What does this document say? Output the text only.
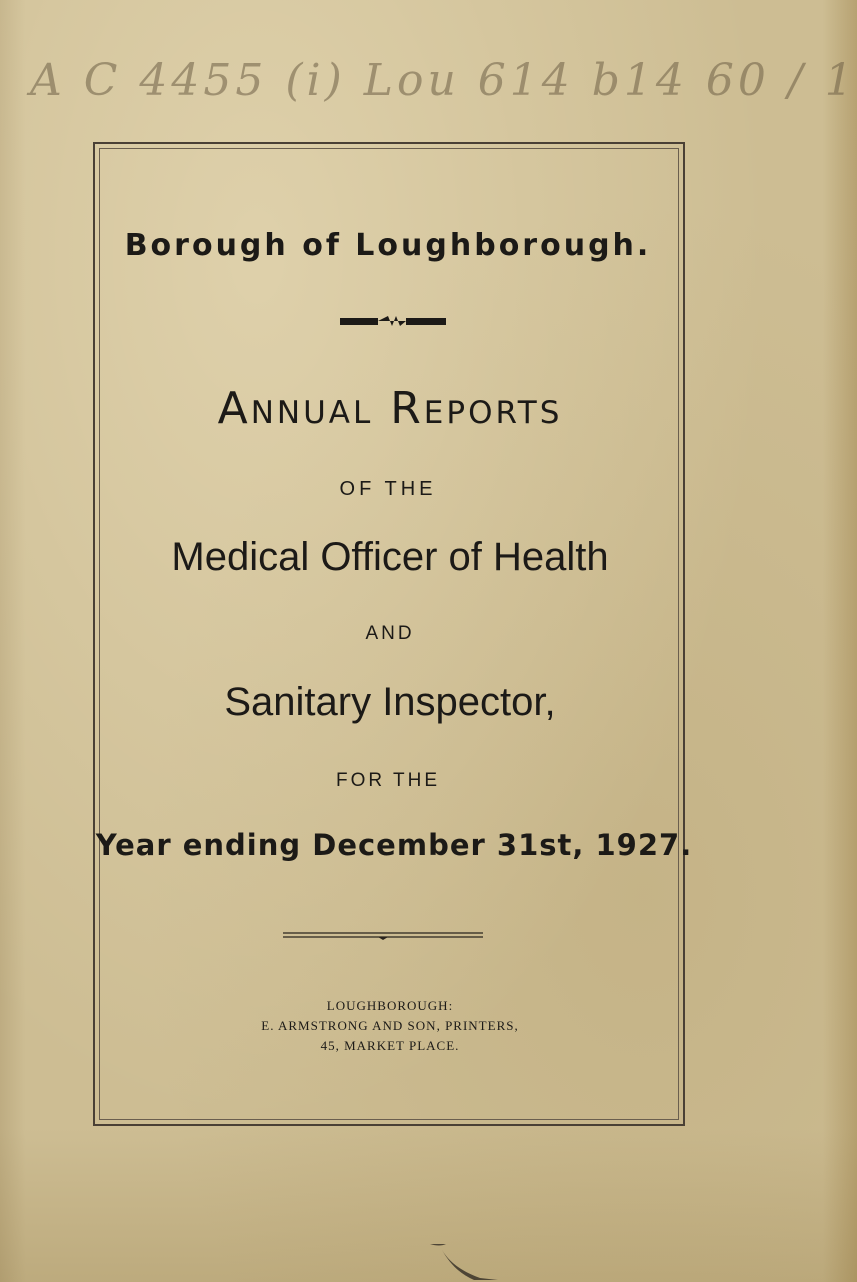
A C 4455 (i) Lou 614 b14 60 / 1
Borough of Loughborough.
Annual Reports
OF THE
Medical Officer of Health
AND
Sanitary Inspector,
FOR THE
Year ending December 31st, 1927.
LOUGHBOROUGH:
E. ARMSTRONG AND SON, PRINTERS,
45, MARKET PLACE.
